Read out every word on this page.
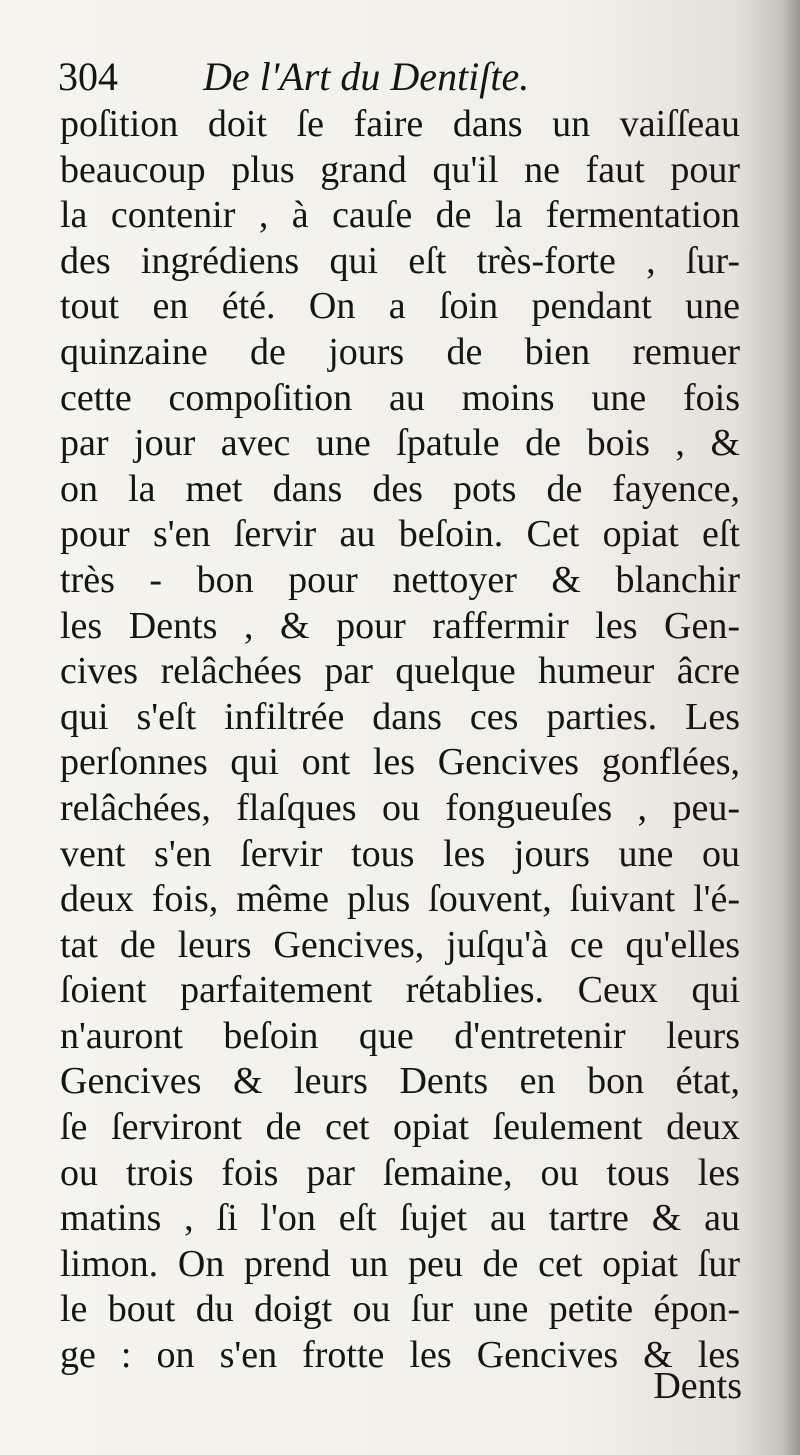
304 De l'Art du Dentiſte.
poſition doit ſe faire dans un vaiſſeau
beaucoup plus grand qu'il ne faut pour
la contenir , à cauſe de la fermentation
des ingrédiens qui eſt très-forte , ſur-
tout en été. On a ſoin pendant une
quinzaine de jours de bien remuer
cette compoſition au moins une fois
par jour avec une ſpatule de bois , &
on la met dans des pots de fayence,
pour s'en ſervir au beſoin. Cet opiat eſt
très - bon pour nettoyer & blanchir
les Dents , & pour raffermir les Gen-
cives relâchées par quelque humeur âcre
qui s'eſt infiltrée dans ces parties. Les
perſonnes qui ont les Gencives gonflées,
relâchées, flaſques ou fongueuſes , peu-
vent s'en ſervir tous les jours une ou
deux fois, même plus ſouvent, ſuivant l'é-
tat de leurs Gencives, juſqu'à ce qu'elles
ſoient parfaitement rétablies. Ceux qui
n'auront beſoin que d'entretenir leurs
Gencives & leurs Dents en bon état,
ſe ſerviront de cet opiat ſeulement deux
ou trois fois par ſemaine, ou tous les
matins , ſi l'on eſt ſujet au tartre & au
limon. On prend un peu de cet opiat ſur
le bout du doigt ou ſur une petite épon-
ge : on s'en frotte les Gencives & les
Dents
